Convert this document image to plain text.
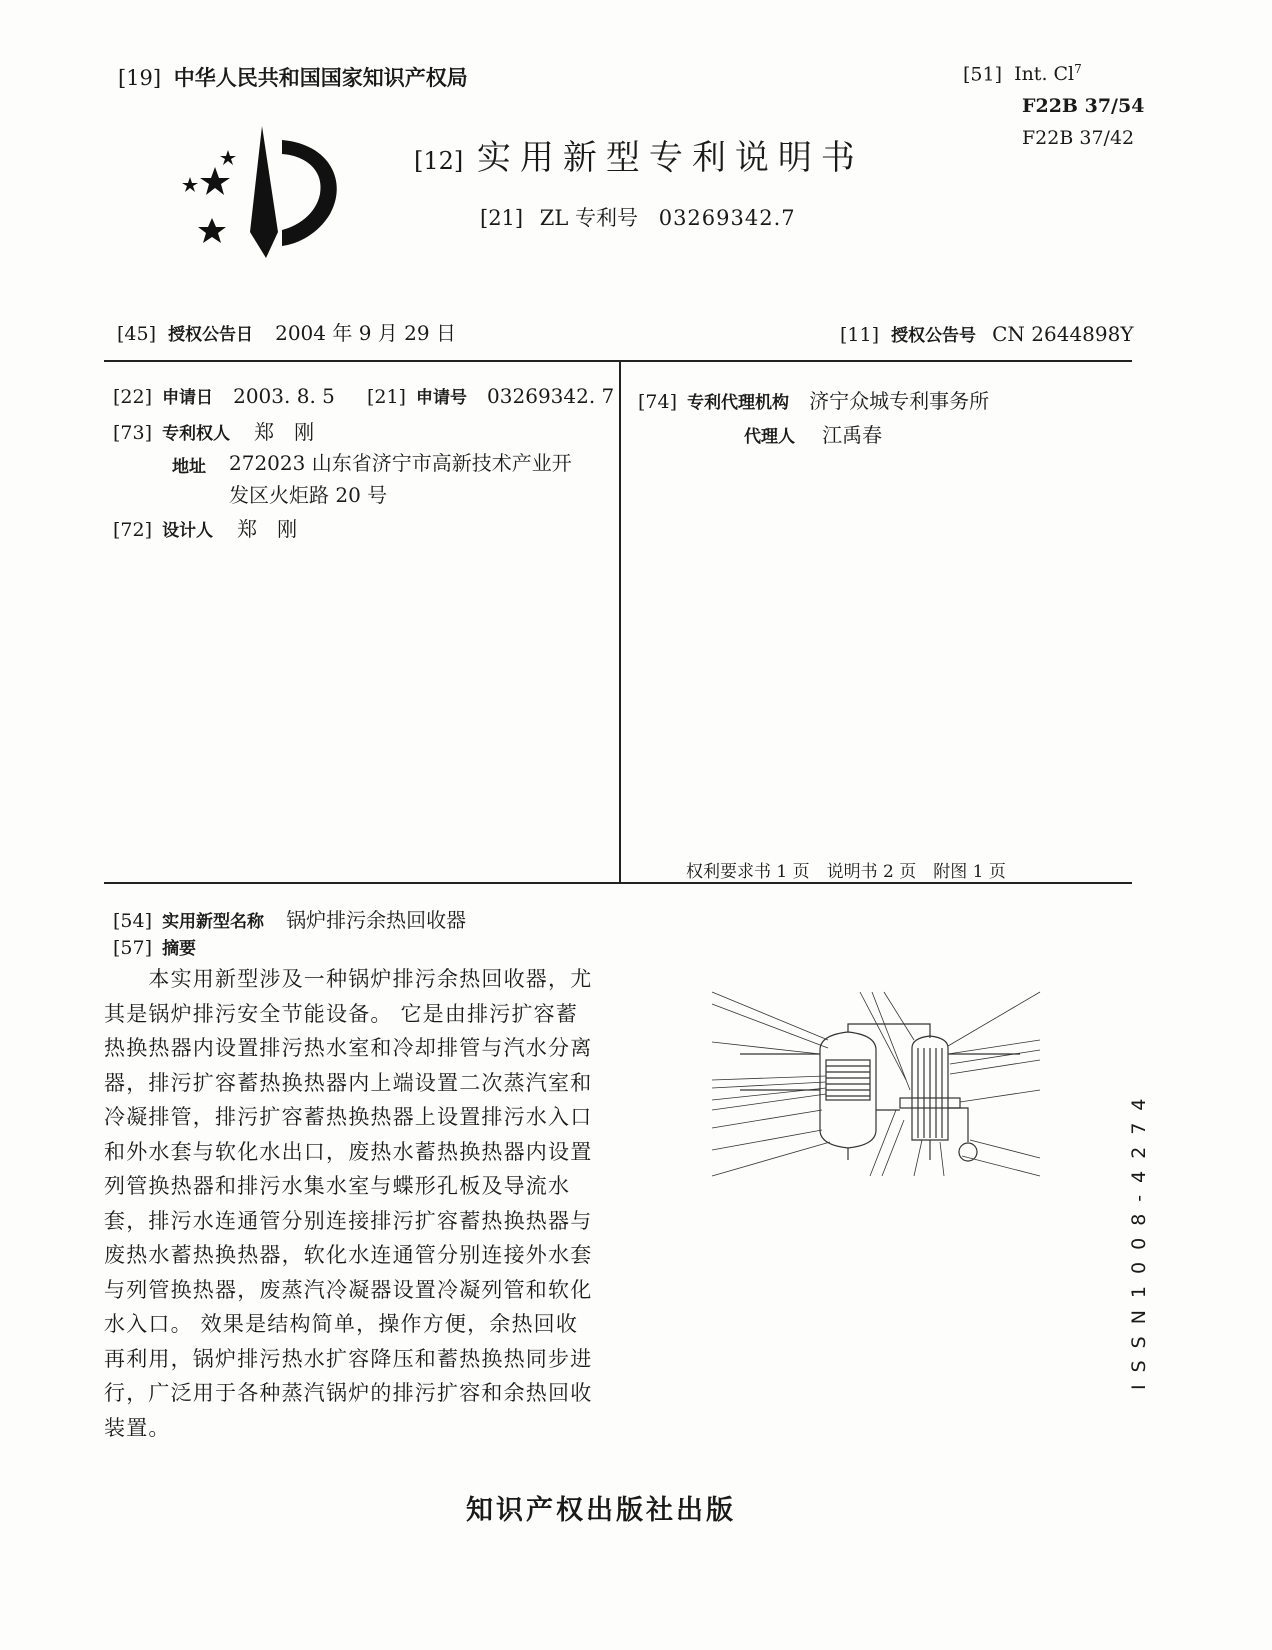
[19] 中华人民共和国国家知识产权局
[12] 实用新型专利说明书
[21] ZL 专利号 03269342.7
[51] Int. Cl$^7$
F22B 37/54
F22B 37/42
[45] 授权公告日 2004 年 9 月 29 日	[11] 授权公告号 CN 2644898Y
[22] 申请日 2003. 8. 5 [21] 申请号 03269342. 7
[73] 专利权人 郑　刚
地址 272023 山东省济宁市高新技术产业开
发区火炬路 20 号
[72] 设计人 郑　刚
[74] 专利代理机构 济宁众城专利事务所
代理人 江禹春
权利要求书 1 页　说明书 2 页　附图 1 页
[54] 实用新型名称 锅炉排污余热回收器
[57] 摘要

　　本实用新型涉及一种锅炉排污余热回收器，尤

其是锅炉排污安全节能设备。 它是由排污扩容蓄

热换热器内设置排污热水室和冷却排管与汽水分离

器，排污扩容蓄热换热器内上端设置二次蒸汽室和

冷凝排管，排污扩容蓄热换热器上设置排污水入口

和外水套与软化水出口，废热水蓄热换热器内设置

列管换热器和排污水集水室与蝶形孔板及导流水

套，排污水连通管分别连接排污扩容蓄热换热器与

废热水蓄热换热器，软化水连通管分别连接外水套

与列管换热器，废蒸汽冷凝器设置冷凝列管和软化

水入口。 效果是结构简单，操作方便，余热回收

再利用，锅炉排污热水扩容降压和蓄热换热同步进

行，广泛用于各种蒸汽锅炉的排污扩容和余热回收

装置。

ISSN1008-4274
知识产权出版社出版
